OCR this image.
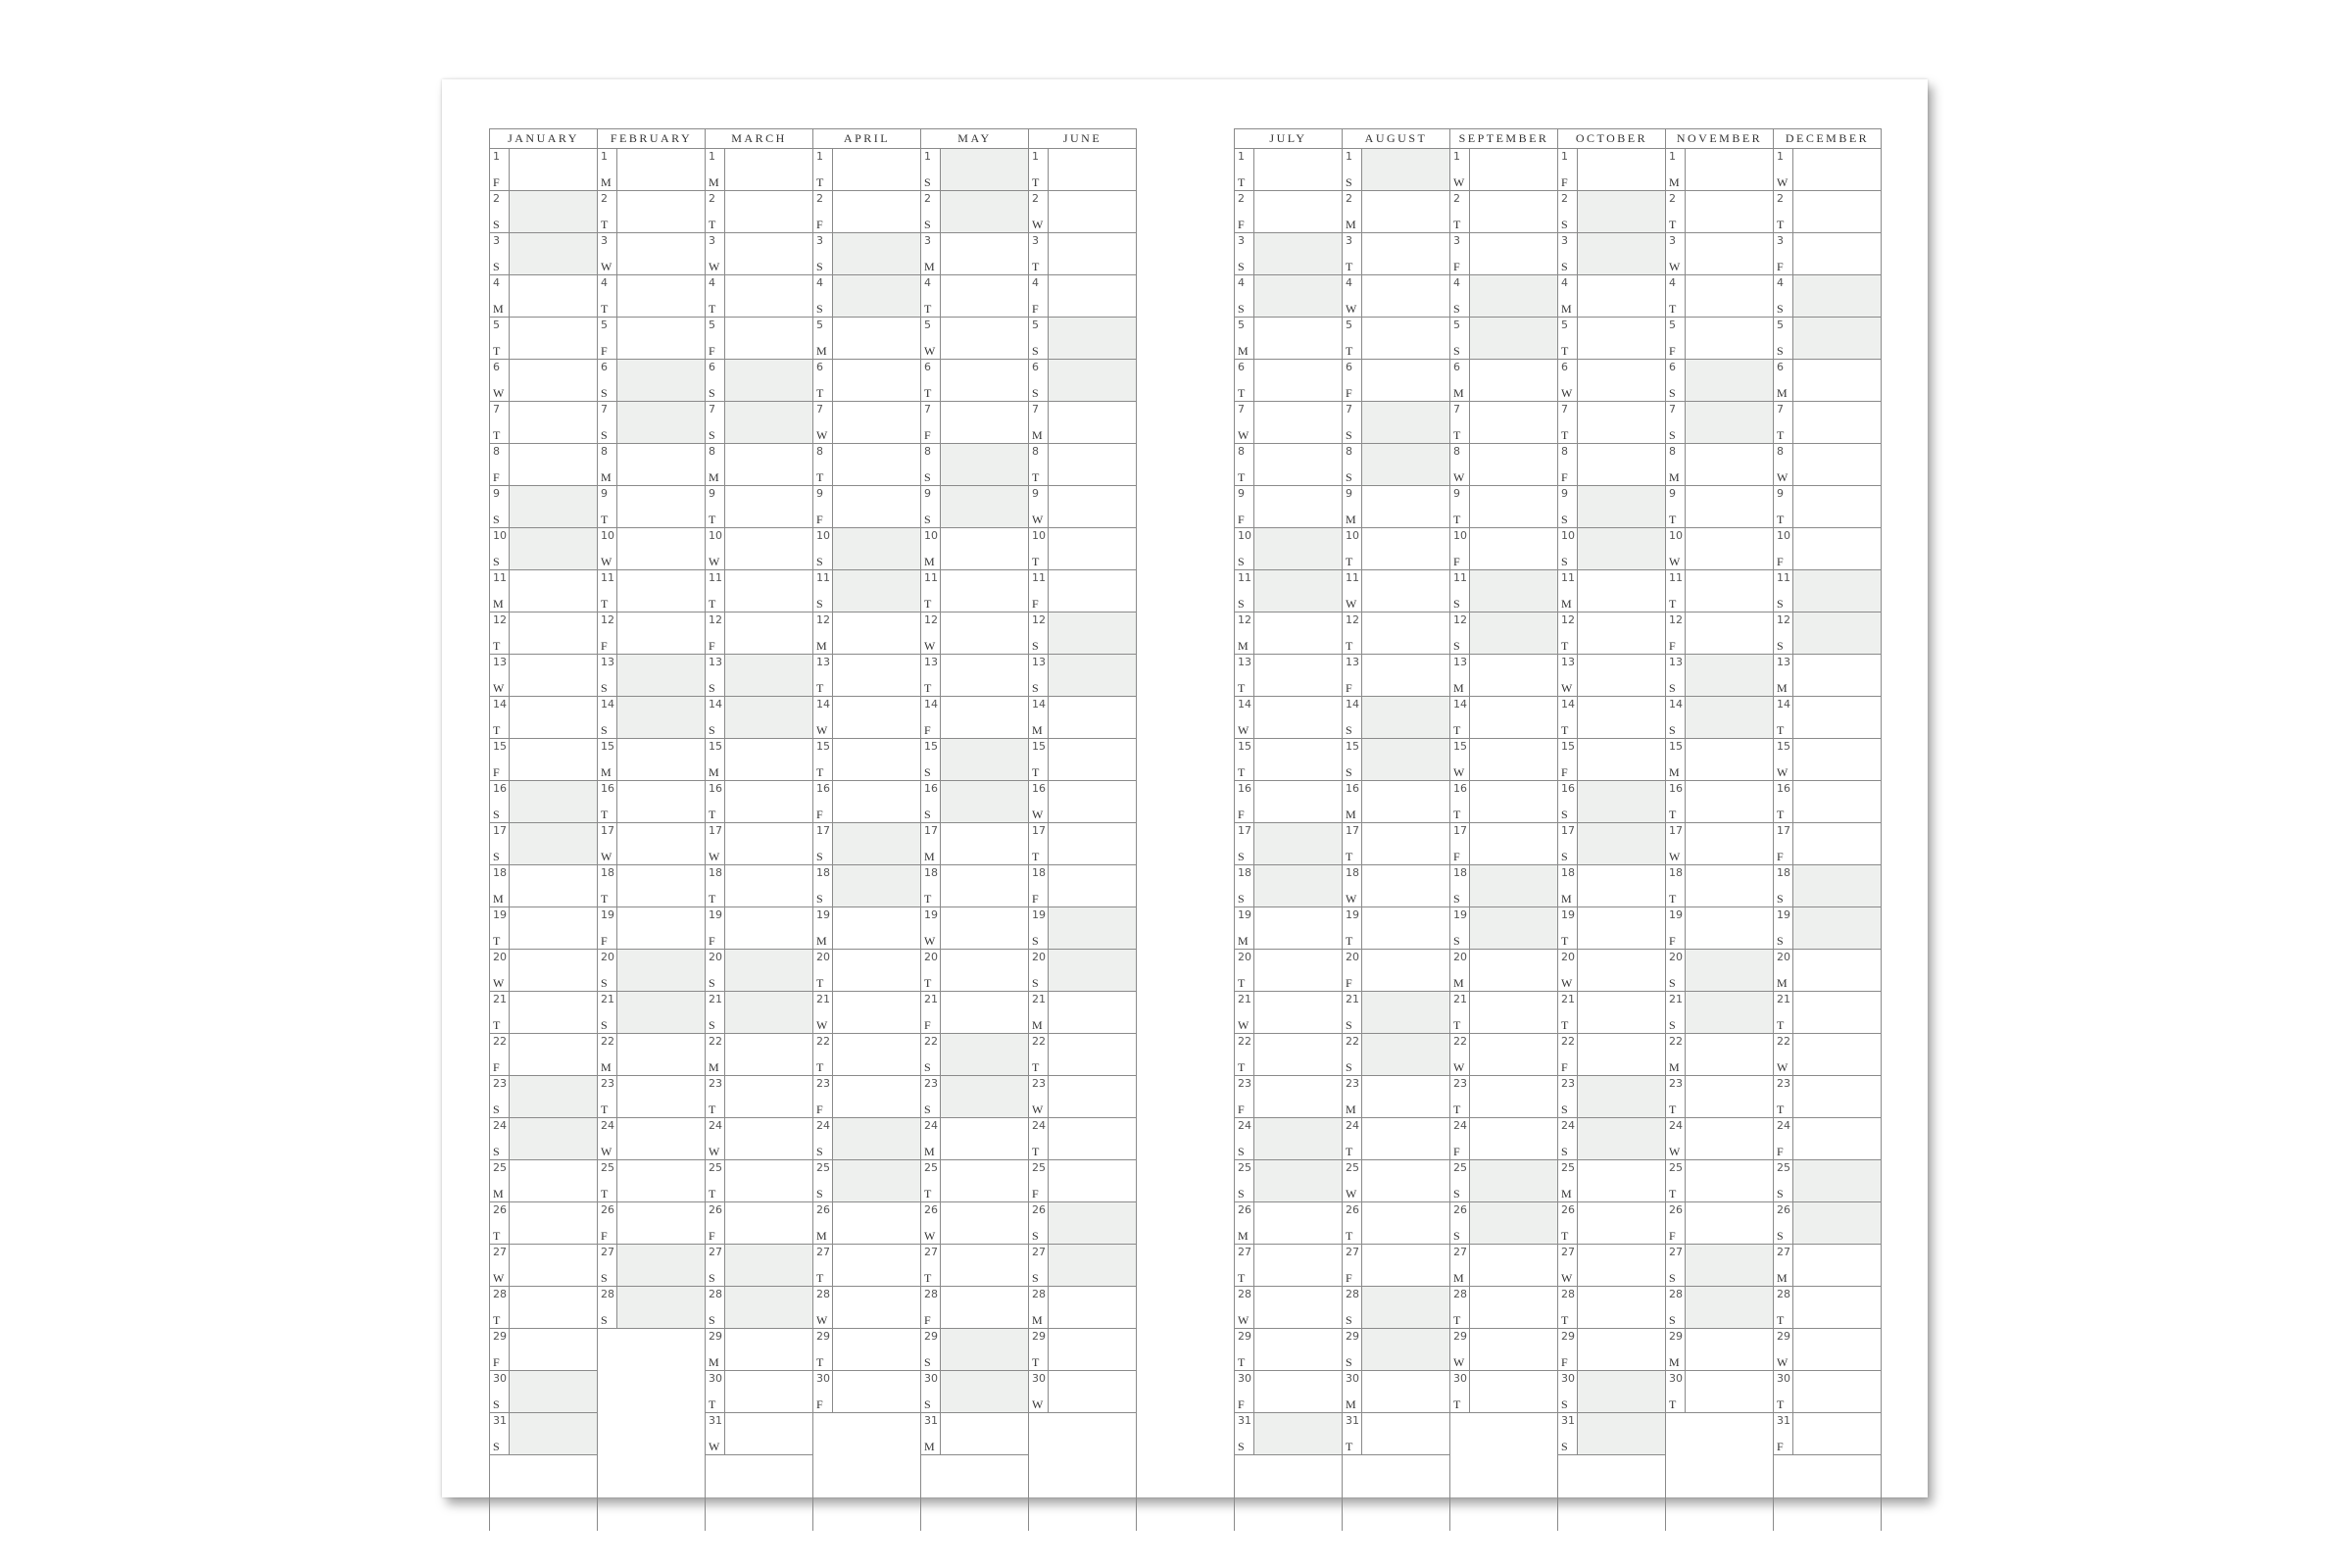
JANUARY
1
F
2
S
3
S
4
M
5
T
6
W
7
T
8
F
9
S
10
S
11
M
12
T
13
W
14
T
15
F
16
S
17
S
18
M
19
T
20
W
21
T
22
F
23
S
24
S
25
M
26
T
27
W
28
T
29
F
30
S
31
S
FEBRUARY
1
M
2
T
3
W
4
T
5
F
6
S
7
S
8
M
9
T
10
W
11
T
12
F
13
S
14
S
15
M
16
T
17
W
18
T
19
F
20
S
21
S
22
M
23
T
24
W
25
T
26
F
27
S
28
S
MARCH
1
M
2
T
3
W
4
T
5
F
6
S
7
S
8
M
9
T
10
W
11
T
12
F
13
S
14
S
15
M
16
T
17
W
18
T
19
F
20
S
21
S
22
M
23
T
24
W
25
T
26
F
27
S
28
S
29
M
30
T
31
W
APRIL
1
T
2
F
3
S
4
S
5
M
6
T
7
W
8
T
9
F
10
S
11
S
12
M
13
T
14
W
15
T
16
F
17
S
18
S
19
M
20
T
21
W
22
T
23
F
24
S
25
S
26
M
27
T
28
W
29
T
30
F
MAY
1
S
2
S
3
M
4
T
5
W
6
T
7
F
8
S
9
S
10
M
11
T
12
W
13
T
14
F
15
S
16
S
17
M
18
T
19
W
20
T
21
F
22
S
23
S
24
M
25
T
26
W
27
T
28
F
29
S
30
S
31
M
JUNE
1
T
2
W
3
T
4
F
5
S
6
S
7
M
8
T
9
W
10
T
11
F
12
S
13
S
14
M
15
T
16
W
17
T
18
F
19
S
20
S
21
M
22
T
23
W
24
T
25
F
26
S
27
S
28
M
29
T
30
W
JULY
1
T
2
F
3
S
4
S
5
M
6
T
7
W
8
T
9
F
10
S
11
S
12
M
13
T
14
W
15
T
16
F
17
S
18
S
19
M
20
T
21
W
22
T
23
F
24
S
25
S
26
M
27
T
28
W
29
T
30
F
31
S
AUGUST
1
S
2
M
3
T
4
W
5
T
6
F
7
S
8
S
9
M
10
T
11
W
12
T
13
F
14
S
15
S
16
M
17
T
18
W
19
T
20
F
21
S
22
S
23
M
24
T
25
W
26
T
27
F
28
S
29
S
30
M
31
T
SEPTEMBER
1
W
2
T
3
F
4
S
5
S
6
M
7
T
8
W
9
T
10
F
11
S
12
S
13
M
14
T
15
W
16
T
17
F
18
S
19
S
20
M
21
T
22
W
23
T
24
F
25
S
26
S
27
M
28
T
29
W
30
T
OCTOBER
1
F
2
S
3
S
4
M
5
T
6
W
7
T
8
F
9
S
10
S
11
M
12
T
13
W
14
T
15
F
16
S
17
S
18
M
19
T
20
W
21
T
22
F
23
S
24
S
25
M
26
T
27
W
28
T
29
F
30
S
31
S
NOVEMBER
1
M
2
T
3
W
4
T
5
F
6
S
7
S
8
M
9
T
10
W
11
T
12
F
13
S
14
S
15
M
16
T
17
W
18
T
19
F
20
S
21
S
22
M
23
T
24
W
25
T
26
F
27
S
28
S
29
M
30
T
DECEMBER
1
W
2
T
3
F
4
S
5
S
6
M
7
T
8
W
9
T
10
F
11
S
12
S
13
M
14
T
15
W
16
T
17
F
18
S
19
S
20
M
21
T
22
W
23
T
24
F
25
S
26
S
27
M
28
T
29
W
30
T
31
F
